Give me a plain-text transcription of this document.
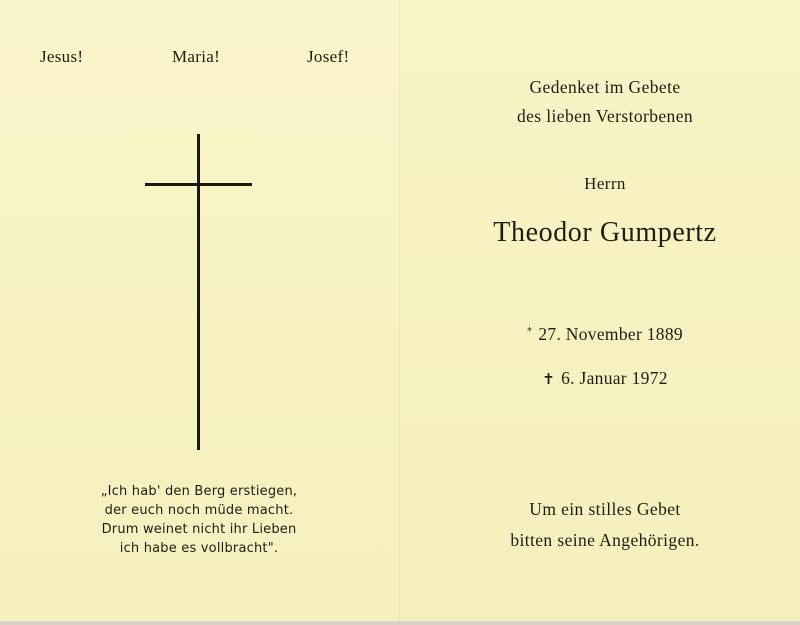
Jesus!	Maria!	Josef!
„Ich hab' den Berg erstiegen,
der euch noch müde macht.
Drum weinet nicht ihr Lieben
ich habe es vollbracht".
Gedenket im Gebete
des lieben Verstorbenen
Herrn
Theodor Gumpertz
* 27. November 1889
✝ 6. Januar 1972
Um ein stilles Gebet
bitten seine Angehörigen.
